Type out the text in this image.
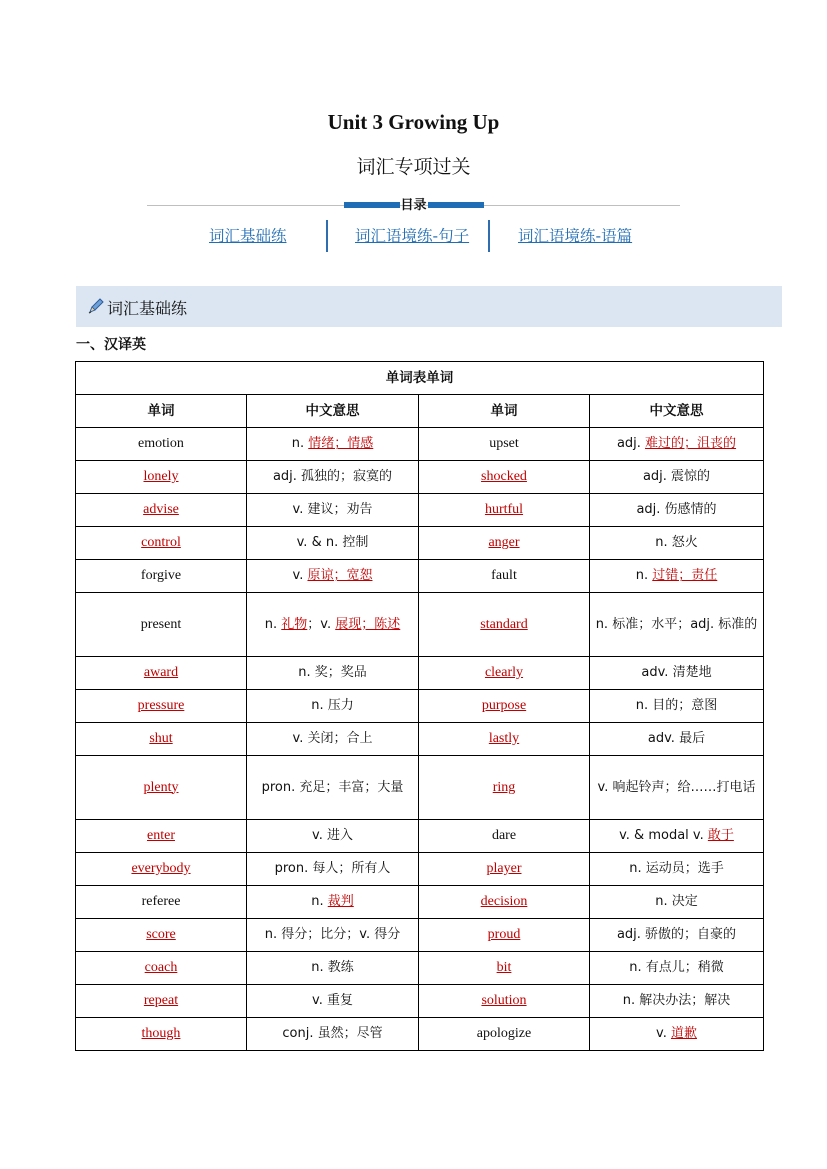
Unit 3 Growing Up
词汇专项过关
目录
词汇基础练	词汇语境练-句子	词汇语境练-语篇
词汇基础练
一、汉译英
单词表单词			
单词	中文意思	单词	中文意思
emotion	n. 情绪；情感	upset	adj. 难过的；沮丧的
lonely	adj. 孤独的；寂寞的	shocked	adj. 震惊的
advise	v. 建议；劝告	hurtful	adj. 伤感情的
control	v. & n. 控制	anger	n. 怒火
forgive	v. 原谅；宽恕	fault	n. 过错；责任
present	n. 礼物；v. 展现；陈述	standard	n. 标准；水平；adj. 标准的
award	n. 奖；奖品	clearly	adv. 清楚地
pressure	n. 压力	purpose	n. 目的；意图
shut	v. 关闭；合上	lastly	adv. 最后
plenty	pron. 充足；丰富；大量	ring	v. 响起铃声；给……打电话
enter	v. 进入	dare	v. & modal v. 敢于
everybody	pron. 每人；所有人	player	n. 运动员；选手
referee	n. 裁判	decision	n. 决定
score	n. 得分；比分；v. 得分	proud	adj. 骄傲的；自豪的
coach	n. 教练	bit	n. 有点儿；稍微
repeat	v. 重复	solution	n. 解决办法；解决
though	conj. 虽然；尽管	apologize	v. 道歉
